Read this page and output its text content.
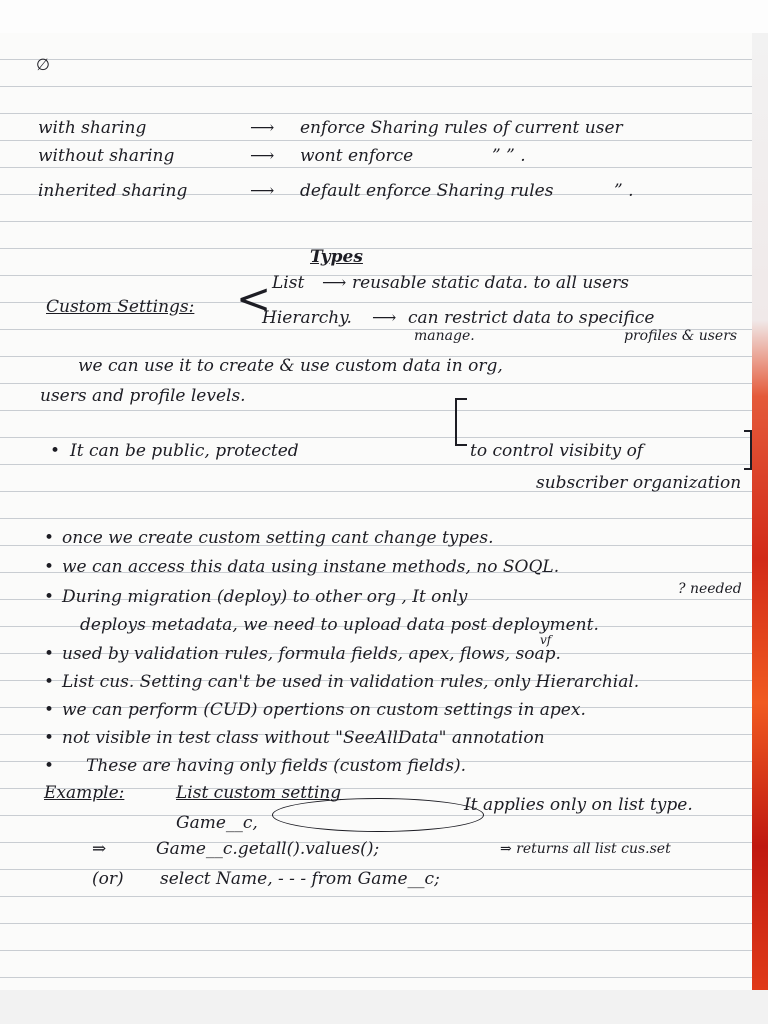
∅
with sharing	⟶ enforce Sharing rules of current user
without sharing	⟶ wont enforce	” ” .
inherited sharing	⟶ default enforce Sharing rules	” .
Types
List ⟶ reusable static data. to all users
Custom Settings: <
Hierarchy. ⟶ can restrict data to specifice
manage.	profiles & users
we can use it to create & use custom data in org,
users and profile levels.
• It can be public, protected	to control visibity of
subscriber organization
• once we create custom setting cant change types.
• we can access this data using instane methods, no SOQL.
• During migration (deploy) to other org , It only	? needed
deploys metadata, we need to upload data post deployment.
• used by validation rules, formula fields, apex, flows, soap.
vf
• List cus. Setting can't be used in validation rules, only Hierarchial.
• we can perform (CUD) opertions on custom settings in apex.
• not visible in test class without "SeeAllData" annotation
• These are having only fields (custom fields).
Example:	List custom setting
It applies only on list type.
Game__c,
⇒	Game__c.getall().values();	⇒ returns all list cus.set
(or) select Name, - - - from Game__c;
